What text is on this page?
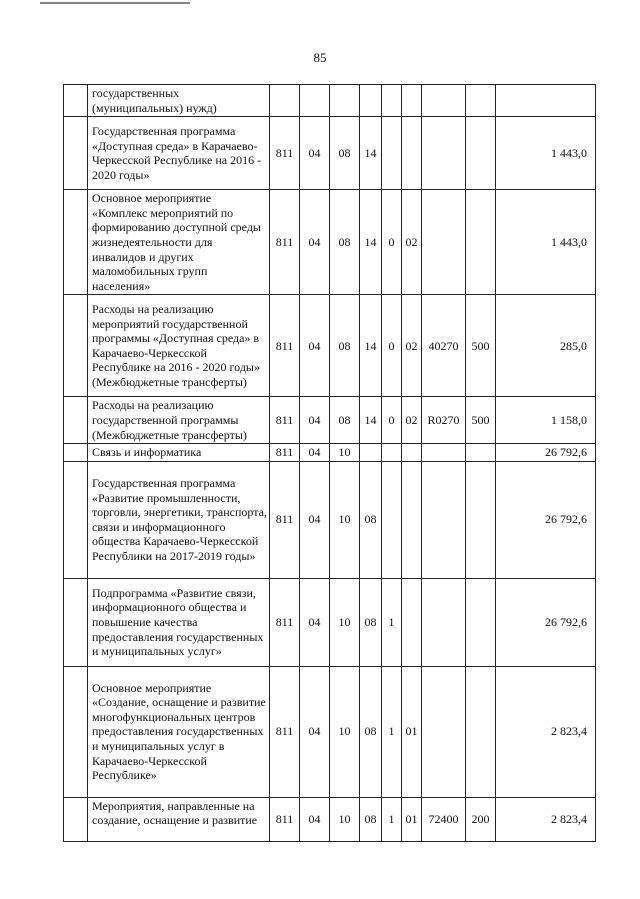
85
	государственных (муниципальных) нужд)									
	Государственная программа «Доступная среда» в Карачаево-Черкесской Республике на 2016 - 2020 годы»	811	04	08	14					1 443,0
	Основное мероприятие «Комплекс мероприятий по формированию доступной среды жизнедеятельности для инвалидов и других маломобильных групп населения»	811	04	08	14	0	02			1 443,0
	Расходы на реализацию мероприятий государственной программы «Доступная среда» в Карачаево-Черкесской Республике на 2016 - 2020 годы» (Межбюджетные трансферты)	811	04	08	14	0	02	40270	500	285,0
	Расходы на реализацию государственной программы (Межбюджетные трансферты)	811	04	08	14	0	02	R0270	500	1 158,0
	Связь и информатика	811	04	10						26 792,6
	Государственная программа «Развитие промышленности, торговли, энергетики, транспорта, связи и информационного общества Карачаево-Черкесской Республики на 2017-2019 годы»	811	04	10	08					26 792,6
	Подпрограмма «Развитие связи, информационного общества и повышение качества предоставления государственных и муниципальных услуг»	811	04	10	08	1				26 792,6
	Основное мероприятие «Создание, оснащение и развитие многофункциональных центров предоставления государственных и муниципальных услуг в Карачаево-Черкесской Республике»	811	04	10	08	1	01			2 823,4
	Мероприятия, направленные на создание, оснащение и развитие	811	04	10	08	1	01	72400	200	2 823,4
